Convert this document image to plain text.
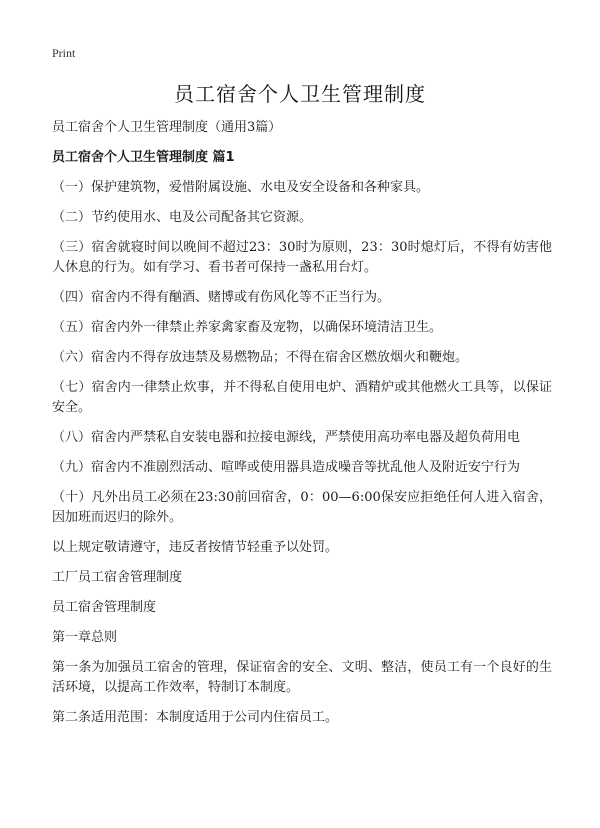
Print
员工宿舍个人卫生管理制度

员工宿舍个人卫生管理制度（通用3篇）

员工宿舍个人卫生管理制度 篇1

（一）保护建筑物，爱惜附属设施、水电及安全设备和各种家具。

（二）节约使用水、电及公司配备其它资源。

（三）宿舍就寝时间以晚间不超过23：30时为原则，23：30时熄灯后，不得有妨害他人休息的行为。如有学习、看书者可保持一盏私用台灯。

（四）宿舍内不得有酗酒、赌博或有伤风化等不正当行为。

（五）宿舍内外一律禁止养家禽家畜及宠物，以确保环境清洁卫生。

（六）宿舍内不得存放违禁及易燃物品；不得在宿舍区燃放烟火和鞭炮。

（七）宿舍内一律禁止炊事，并不得私自使用电炉、酒精炉或其他燃火工具等，以保证安全。

（八）宿舍内严禁私自安装电器和拉接电源线，严禁使用高功率电器及超负荷用电

（九）宿舍内不准剧烈活动、喧哗或使用器具造成噪音等扰乱他人及附近安宁行为

（十）凡外出员工必须在23:30前回宿舍，0：00—6:00保安应拒绝任何人进入宿舍，因加班而迟归的除外。

以上规定敬请遵守，违反者按情节轻重予以处罚。

工厂员工宿舍管理制度

员工宿舍管理制度

第一章总则

第一条为加强员工宿舍的管理，保证宿舍的安全、文明、整洁，使员工有一个良好的生活环境，以提高工作效率，特制订本制度。

第二条适用范围：本制度适用于公司内住宿员工。
